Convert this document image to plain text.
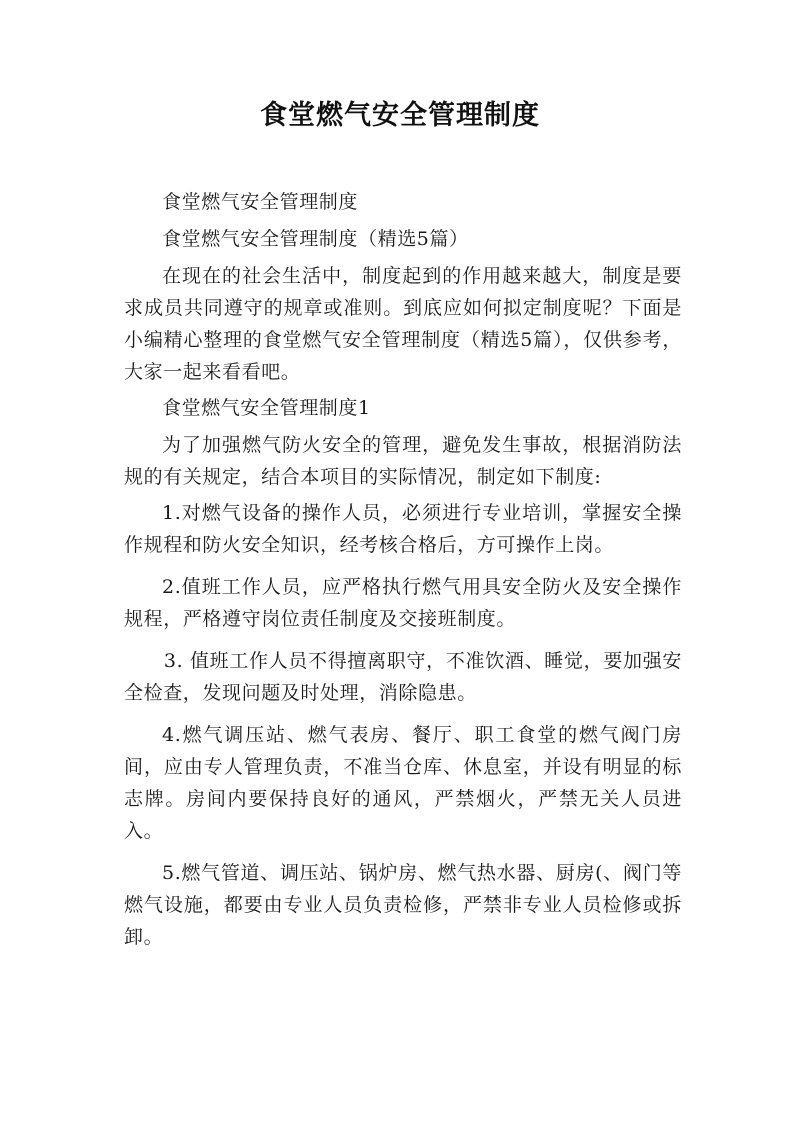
食堂燃气安全管理制度

食堂燃气安全管理制度

食堂燃气安全管理制度（精选5篇）

在现在的社会生活中，制度起到的作用越来越大，制度是要求成员共同遵守的规章或准则。到底应如何拟定制度呢？下面是小编精心整理的食堂燃气安全管理制度（精选5篇），仅供参考，大家一起来看看吧。

食堂燃气安全管理制度1

为了加强燃气防火安全的管理，避免发生事故，根据消防法规的有关规定，结合本项目的实际情况，制定如下制度:

1.对燃气设备的操作人员，必须进行专业培训，掌握安全操作规程和防火安全知识，经考核合格后，方可操作上岗。

2.值班工作人员，应严格执行燃气用具安全防火及安全操作规程，严格遵守岗位责任制度及交接班制度。

3. 值班工作人员不得擅离职守，不准饮酒、睡觉，要加强安全检查，发现问题及时处理，消除隐患。

4.燃气调压站、燃气表房、餐厅、职工食堂的燃气阀门房间，应由专人管理负责，不准当仓库、休息室，并设有明显的标志牌。房间内要保持良好的通风，严禁烟火，严禁无关人员进入。

5.燃气管道、调压站、锅炉房、燃气热水器、厨房(、阀门等燃气设施，都要由专业人员负责检修，严禁非专业人员检修或拆卸。
